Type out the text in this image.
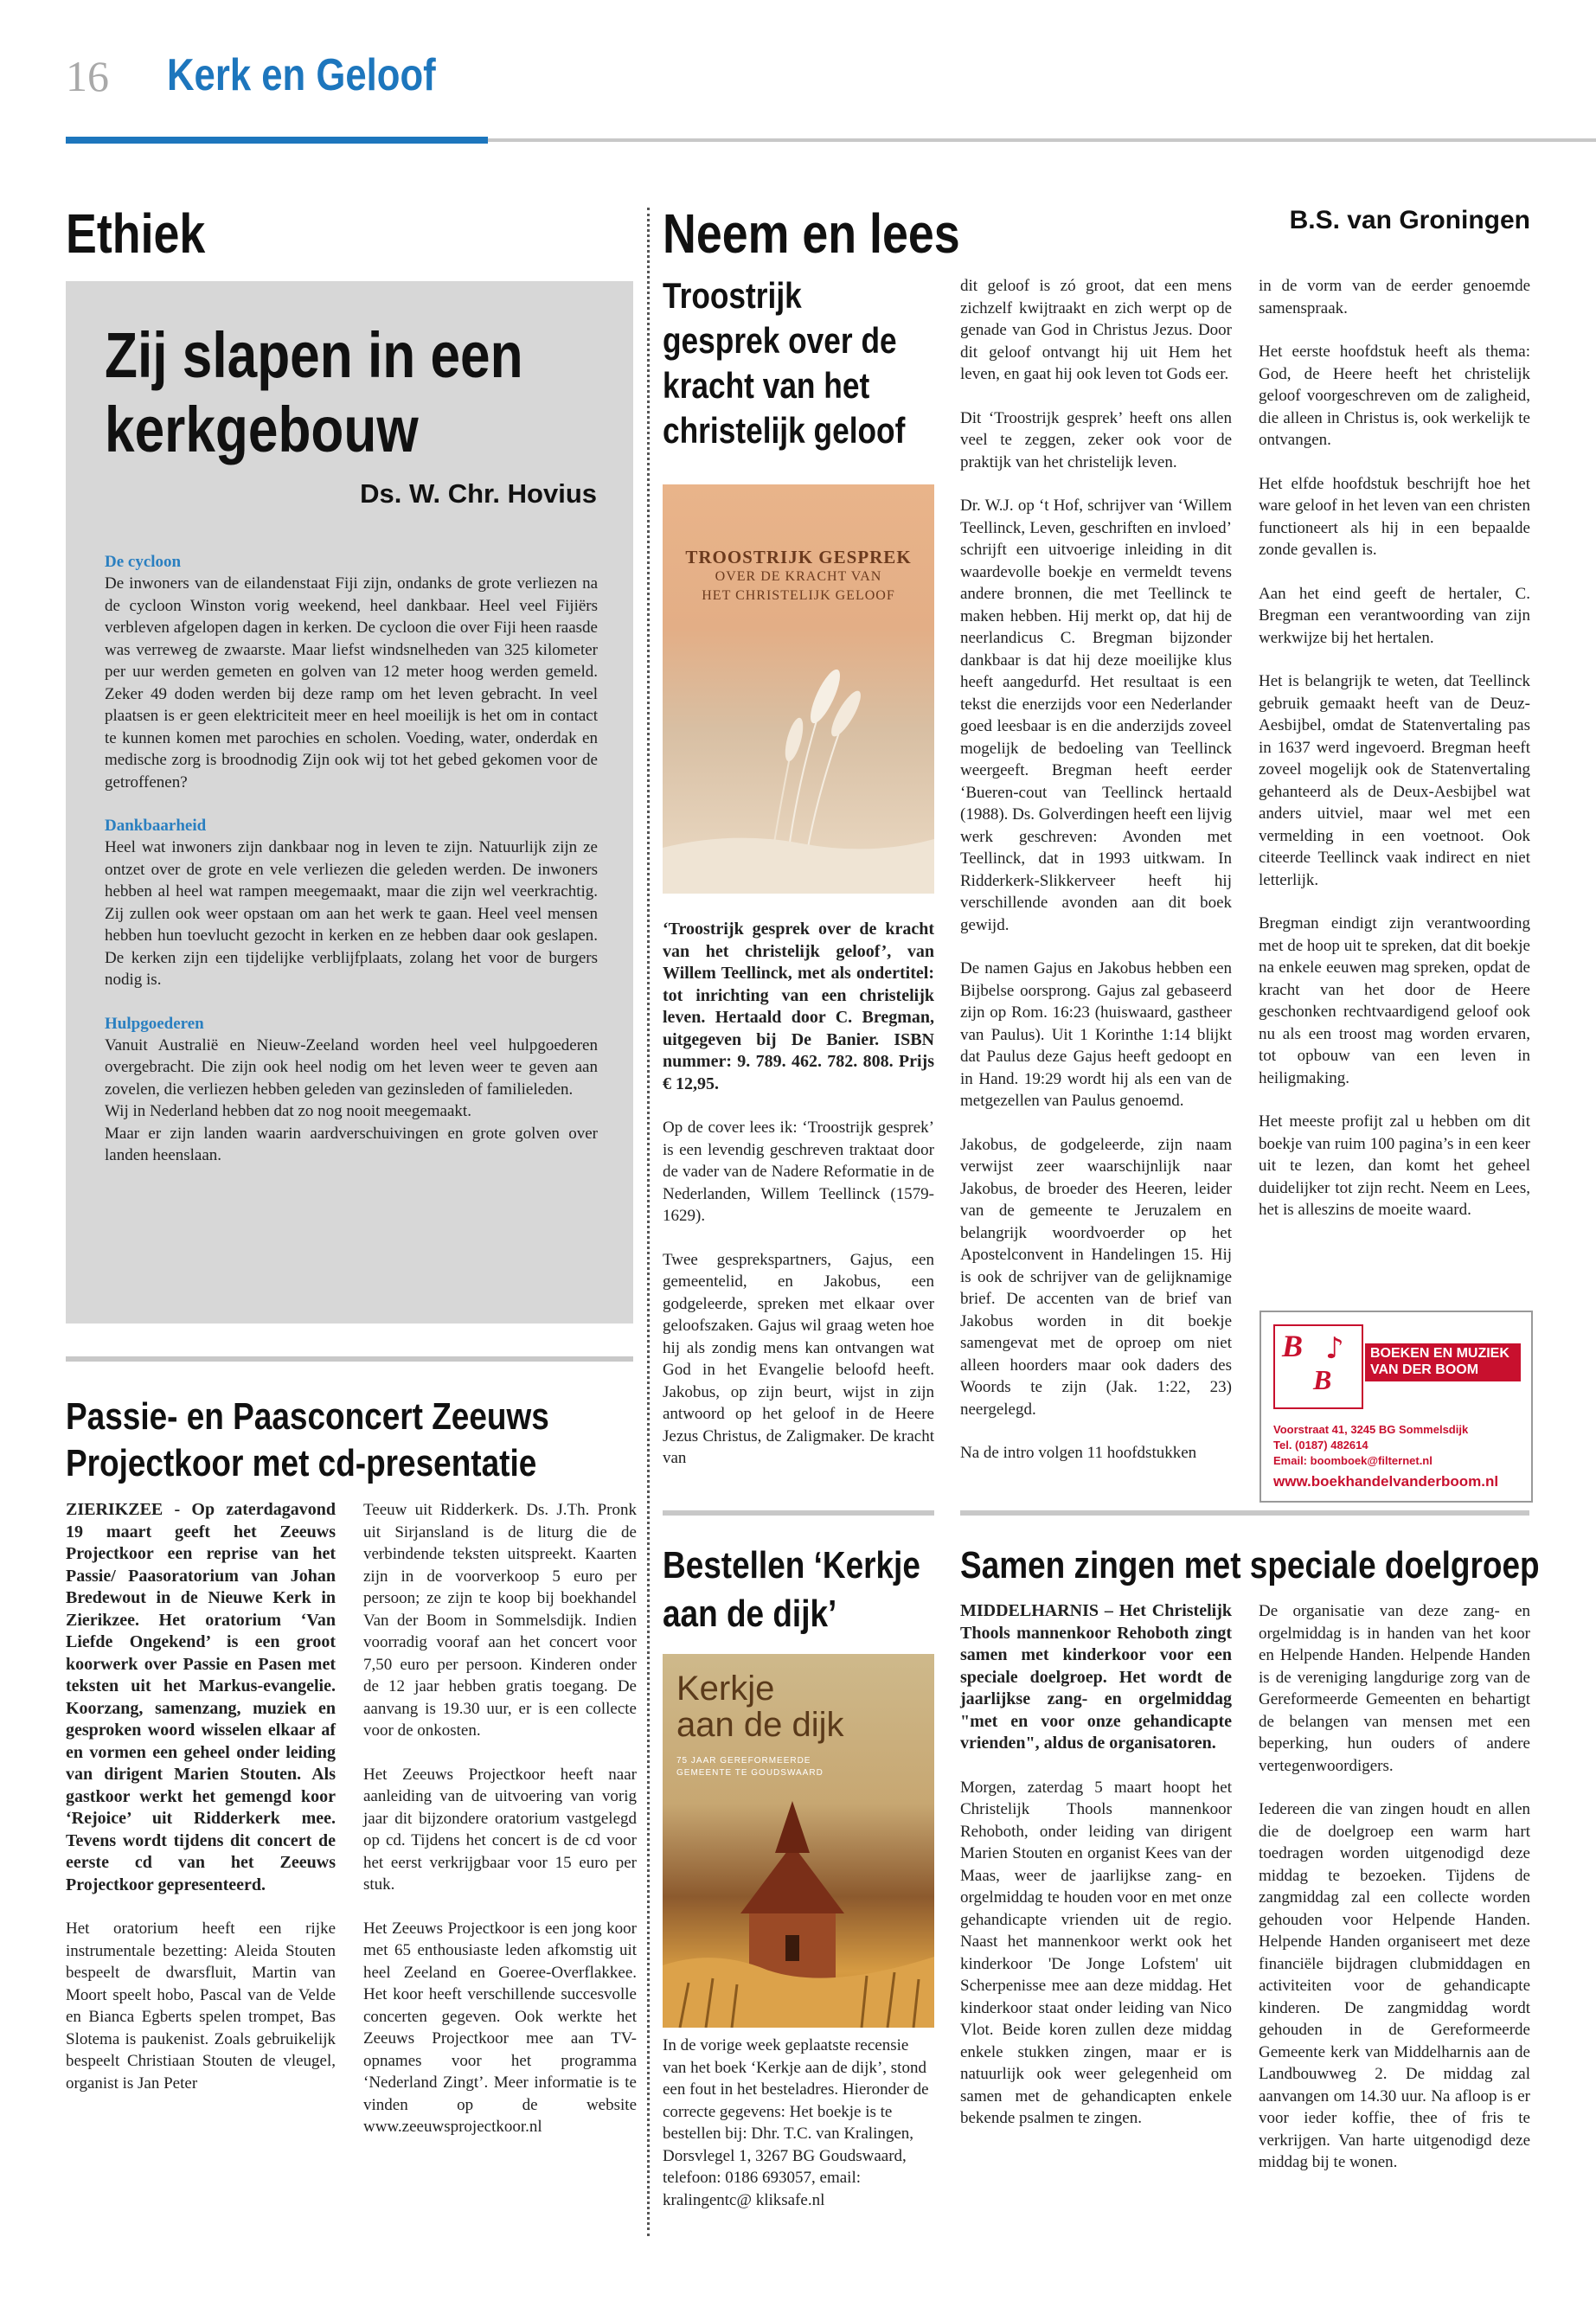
16 Kerk en Geloof
Ethiek
Zij slapen in een
kerkgebouw
Ds. W. Chr. Hovius
De cycloon

De inwoners van de eilandenstaat Fiji zijn, ondanks de grote verliezen na de cycloon Winston vorig weekend, heel dankbaar. Heel veel Fijiërs verbleven afgelopen dagen in kerken. De cycloon die over Fiji heen raasde was verreweg de zwaarste. Maar liefst windsnelheden van 325 kilometer per uur werden gemeten en golven van 12 meter hoog werden gemeld. Zeker 49 doden werden bij deze ramp om het leven gebracht. In veel plaatsen is er geen elektriciteit meer en heel moeilijk is het om in contact te kunnen komen met parochies en scholen. Voeding, water, onderdak en medische zorg is broodnodig Zijn ook wij tot het gebed gekomen voor de getroffenen?

Dankbaarheid

Heel wat inwoners zijn dankbaar nog in leven te zijn. Natuurlijk zijn ze ontzet over de grote en vele verliezen die geleden werden. De inwoners hebben al heel wat rampen meegemaakt, maar die zijn wel veerkrachtig. Zij zullen ook weer opstaan om aan het werk te gaan. Heel veel mensen hebben hun toevlucht gezocht in kerken en ze hebben daar ook geslapen. De kerken zijn een tijdelijke verblijfplaats, zolang het voor de burgers nodig is.

Hulpgoederen
Vanuit Australië en Nieuw-Zeeland worden heel veel hulpgoederen overgebracht. Die zijn ook heel nodig om het leven weer te geven aan zovelen, die verliezen hebben geleden van gezinsleden of familieleden.
Wij in Nederland hebben dat zo nog nooit meegemaakt.
Maar er zijn landen waarin aardverschuivingen en grote golven over landen heenslaan.
Passie- en Paasconcert Zeeuws
Projectkoor met cd-presentatie

ZIERIKZEE - Op zaterdagavond 19 maart geeft het Zeeuws Projectkoor een reprise van het Passie/ Paasoratorium van Johan Bredewout in de Nieuwe Kerk in Zierikzee. Het oratorium ‘Van Liefde Ongekend’ is een groot koorwerk over Passie en Pasen met teksten uit het Markus-evangelie. Koorzang, samenzang, muziek en gesproken woord wisselen elkaar af en vormen een geheel onder leiding van dirigent Marien Stouten. Als gastkoor werkt het gemengd koor ‘Rejoice’ uit Ridderkerk mee. Tevens wordt tijdens dit concert de eerste cd van het Zeeuws Projectkoor gepresenteerd.

Het oratorium heeft een rijke instrumentale bezetting: Aleida Stouten bespeelt de dwarsfluit, Martin van Moort speelt hobo, Pascal van de Velde en Bianca Egberts spelen trompet, Bas Slotema is paukenist. Zoals gebruikelijk bespeelt Christiaan Stouten de vleugel, organist is Jan Peter

Teeuw uit Ridderkerk. Ds. J.Th. Pronk uit Sirjansland is de liturg die de verbindende teksten uitspreekt. Kaarten zijn in de voorverkoop 5 euro per persoon; ze zijn te koop bij boekhandel Van der Boom in Sommelsdijk. Indien voorradig vooraf aan het concert voor 7,50 euro per persoon. Kinderen onder de 12 jaar hebben gratis toegang. De aanvang is 19.30 uur, er is een collecte voor de onkosten.

Het Zeeuws Projectkoor heeft naar aanleiding van de uitvoering van vorig jaar dit bijzondere oratorium vastgelegd op cd. Tijdens het concert is de cd voor het eerst verkrijgbaar voor 15 euro per stuk.

Het Zeeuws Projectkoor is een jong koor met 65 enthousiaste leden afkomstig uit heel Zeeland en Goeree-Overflakkee. Het koor heeft verschillende succesvolle concerten gegeven. Ook werkte het Zeeuws Projectkoor mee aan TV-opnames voor het programma ‘Nederland Zingt’. Meer informatie is te vinden op de website www.zeeuwsprojectkoor.nl

Neem en lees	B.S. van Groningen
Troostrijk
gesprek over de
kracht van het
christelijk geloof
TROOSTRIJK GESPREK
OVER DE KRACHT VAN
HET CHRISTELIJK GELOOF

‘Troostrijk gesprek over de kracht van het christelijk geloof’, van Willem Teellinck, met als ondertitel: tot inrichting van een christelijk leven. Hertaald door C. Bregman, uitgegeven bij De Banier. ISBN nummer: 9. 789. 462. 782. 808. Prijs € 12,95.

Op de cover lees ik: ‘Troostrijk gesprek’ is een levendig geschreven traktaat door de vader van de Nadere Reformatie in de Nederlanden, Willem Teellinck (1579-1629).

Twee gesprekspartners, Gajus, een gemeentelid, en Jakobus, een godgeleerde, spreken met elkaar over geloofszaken. Gajus wil graag weten hoe hij als zondig mens kan ontvangen wat God in het Evangelie beloofd heeft. Jakobus, op zijn beurt, wijst in zijn antwoord op het geloof in de Heere Jezus Christus, de Zaligmaker. De kracht van

dit geloof is zó groot, dat een mens zichzelf kwijtraakt en zich werpt op de genade van God in Christus Jezus. Door dit geloof ontvangt hij uit Hem het leven, en gaat hij ook leven tot Gods eer.

Dit ‘Troostrijk gesprek’ heeft ons allen veel te zeggen, zeker ook voor de praktijk van het christelijk leven.

Dr. W.J. op ‘t Hof, schrijver van ‘Willem Teellinck, Leven, geschriften en invloed’ schrijft een uitvoerige inleiding in dit waardevolle boekje en vermeldt tevens andere bronnen, die met Teellinck te maken hebben. Hij merkt op, dat hij de neerlandicus C. Bregman bijzonder dankbaar is dat hij deze moeilijke klus heeft aangedurfd. Het resultaat is een tekst die enerzijds voor een Nederlander goed leesbaar is en die anderzijds zoveel mogelijk de bedoeling van Teellinck weergeeft. Bregman heeft eerder ‘Bueren-cout van Teellinck hertaald (1988). Ds. Golverdingen heeft een lijvig werk geschreven: Avonden met Teellinck, dat in 1993 uitkwam. In Ridderkerk-Slikkerveer heeft hij verschillende avonden aan dit boek gewijd.

De namen Gajus en Jakobus hebben een Bijbelse oorsprong. Gajus zal gebaseerd zijn op Rom. 16:23 (huiswaard, gastheer van Paulus). Uit 1 Korinthe 1:14 blijkt dat Paulus deze Gajus heeft gedoopt en in Hand. 19:29 wordt hij als een van de metgezellen van Paulus genoemd.

Jakobus, de godgeleerde, zijn naam verwijst zeer waarschijnlijk naar Jakobus, de broeder des Heeren, leider van de gemeente te Jeruzalem en belangrijk woordvoerder op het Apostelconvent in Handelingen 15. Hij is ook de schrijver van de gelijknamige brief. De accenten van de brief van Jakobus worden in dit boekje samengevat met de oproep om niet alleen hoorders maar ook daders des Woords te zijn (Jak. 1:22, 23) neergelegd.

Na de intro volgen 11 hoofdstukken

in de vorm van de eerder genoemde samenspraak.

Het eerste hoofdstuk heeft als thema: God, de Heere heeft het christelijk geloof voorgeschreven om de zaligheid, die alleen in Christus is, ook werkelijk te ontvangen.

Het elfde hoofdstuk beschrijft hoe het ware geloof in het leven van een christen functioneert als hij in een bepaalde zonde gevallen is.

Aan het eind geeft de hertaler, C. Bregman een verantwoording van zijn werkwijze bij het hertalen.

Het is belangrijk te weten, dat Teellinck gebruik gemaakt heeft van de Deuz-Aesbijbel, omdat de Statenvertaling pas in 1637 werd ingevoerd. Bregman heeft zoveel mogelijk ook de Statenvertaling gehanteerd als de Deux-Aesbijbel wat anders uitviel, maar wel met een vermelding in een voetnoot. Ook citeerde Teellinck vaak indirect en niet letterlijk.

Bregman eindigt zijn verantwoording met de hoop uit te spreken, dat dit boekje na enkele eeuwen mag spreken, opdat de kracht van het door de Heere geschonken rechtvaardigend geloof ook nu als een troost mag worden ervaren, tot opbouw van een leven in heiligmaking.

Het meeste profijt zal u hebben om dit boekje van ruim 100 pagina’s in een keer uit te lezen, dan komt het geheel duidelijker tot zijn recht. Neem en Lees, het is alleszins de moeite waard.

B
B
♪ BOEKEN EN MUZIEK
VAN DER BOOM
Voorstraat 41, 3245 BG Sommelsdijk
Tel. (0187) 482614
Email: boomboek@filternet.nl
www.boekhandelvanderboom.nl
Bestellen ‘Kerkje
aan de dijk’
Kerkje
aan de dijk
75 JAAR GEREFORMEERDE
GEMEENTE TE GOUDSWAARD
In de vorige week geplaatste recensie van het boek ‘Kerkje aan de dijk’, stond een fout in het besteladres. Hieronder de correcte gegevens: Het boekje is te bestellen bij: Dhr. T.C. van Kralingen, Dorsvlegel 1, 3267 BG Goudswaard, telefoon: 0186 693057, email: kralingentc@ kliksafe.nl
Samen zingen met speciale doelgroep

MIDDELHARNIS – Het Christelijk Thools mannenkoor Rehoboth zingt samen met kinderkoor voor een speciale doelgroep. Het wordt de jaarlijkse zang- en orgelmiddag "met en voor onze gehandicapte vrienden", aldus de organisatoren.

Morgen, zaterdag 5 maart hoopt het Christelijk Thools mannenkoor Rehoboth, onder leiding van dirigent Marien Stouten en organist Kees van der Maas, weer de jaarlijkse zang- en orgelmiddag te houden voor en met onze gehandicapte vrienden uit de regio. Naast het mannenkoor werkt ook het kinderkoor 'De Jonge Lofstem' uit Scherpenisse mee aan deze middag. Het kinderkoor staat onder leiding van Nico Vlot. Beide koren zullen deze middag enkele stukken zingen, maar er is natuurlijk ook weer gelegenheid om samen met de gehandicapten enkele bekende psalmen te zingen.

De organisatie van deze zang- en orgelmiddag is in handen van het koor en Helpende Handen. Helpende Handen is de vereniging langdurige zorg van de Gereformeerde Gemeenten en behartigt de belangen van mensen met een beperking, hun ouders of andere vertegenwoordigers.

Iedereen die van zingen houdt en allen die de doelgroep een warm hart toedragen worden uitgenodigd deze middag te bezoeken. Tijdens de zangmiddag zal een collecte worden gehouden voor Helpende Handen. Helpende Handen organiseert met deze financiële bijdragen clubmiddagen en activiteiten voor de gehandicapte kinderen. De zangmiddag wordt gehouden in de Gereformeerde Gemeente kerk van Middelharnis aan de Landbouwweg 2. De middag zal aanvangen om 14.30 uur. Na afloop is er voor ieder koffie, thee of fris te verkrijgen. Van harte uitgenodigd deze middag bij te wonen.
